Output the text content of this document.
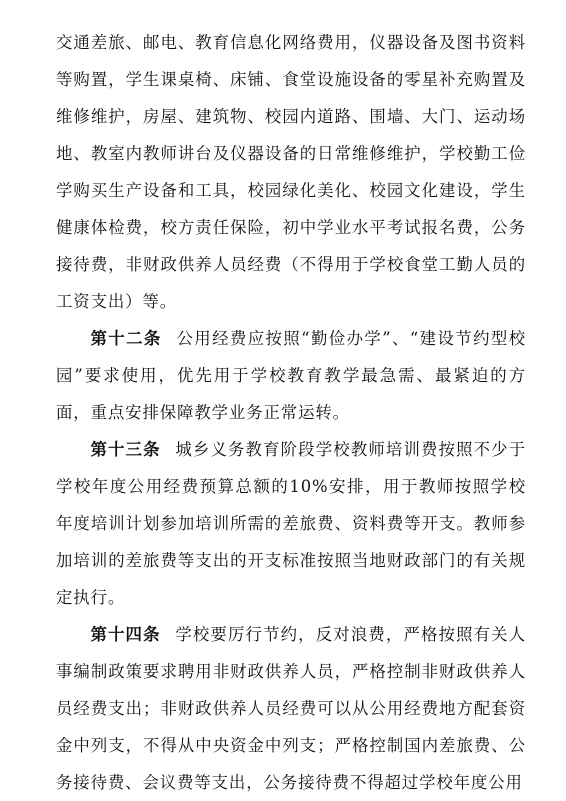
交通差旅、邮电、教育信息化网络费用，仪器设备及图书资料等购置，学生课桌椅、床铺、食堂设施设备的零星补充购置及维修维护，房屋、建筑物、校园内道路、围墙、大门、运动场地、教室内教师讲台及仪器设备的日常维修维护，学校勤工俭学购买生产设备和工具，校园绿化美化、校园文化建设，学生健康体检费，校方责任保险，初中学业水平考试报名费，公务接待费，非财政供养人员经费（不得用于学校食堂工勤人员的工资支出）等。

第十二条 公用经费应按照“勤俭办学”、“建设节约型校园”要求使用，优先用于学校教育教学最急需、最紧迫的方面，重点安排保障教学业务正常运转。

第十三条 城乡义务教育阶段学校教师培训费按照不少于学校年度公用经费预算总额的10%安排，用于教师按照学校年度培训计划参加培训所需的差旅费、资料费等开支。教师参加培训的差旅费等支出的开支标准按照当地财政部门的有关规定执行。

第十四条 学校要厉行节约，反对浪费，严格按照有关人事编制政策要求聘用非财政供养人员，严格控制非财政供养人员经费支出；非财政供养人员经费可以从公用经费地方配套资金中列支，不得从中央资金中列支；严格控制国内差旅费、公务接待费、会议费等支出，公务接待费不得超过学校年度公用
